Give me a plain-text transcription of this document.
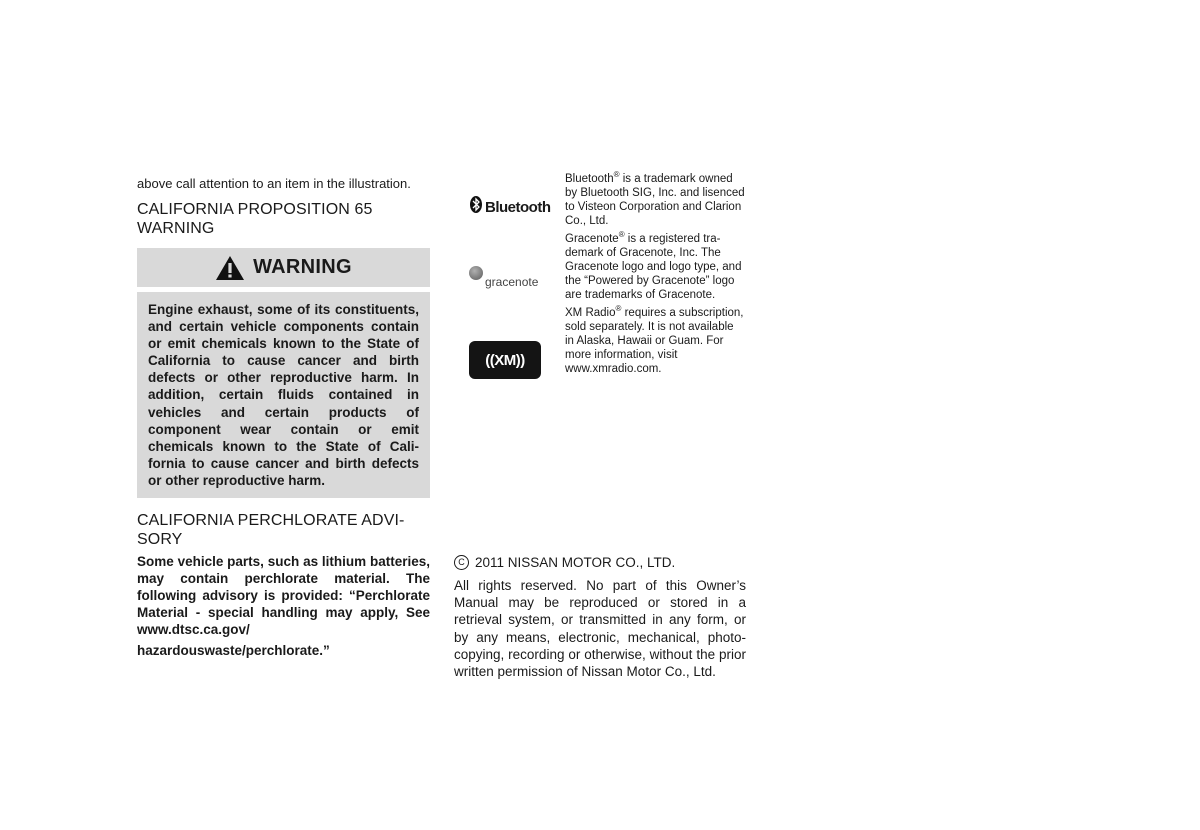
above call attention to an item in the illustration.

CALIFORNIA PROPOSITION 65
WARNING
WARNING

Engine exhaust, some of its constituents, and certain vehicle components contain or emit chemicals known to the State of California to cause cancer and birth defects or other reproductive harm. In addition, certain fluids contained in vehicles and certain products of component wear contain or emit chemicals known to the State of California to cause cancer and birth defects or other reproductive harm.

CALIFORNIA PERCHLORATE ADVI-
SORY

Some vehicle parts, such as lithium batteries, may contain perchlorate material. The following advisory is provided: “Perchlorate Material - special handling may apply, See www.dtsc.ca.gov/

hazardouswaste/perchlorate.”

Bluetooth
gracenote
((XM))

Bluetooth® is a trademark owned by Bluetooth SIG, Inc. and lisenced to Visteon Corporation and Clarion Co., Ltd.

Gracenote® is a registered trademark of Gracenote, Inc. The Gracenote logo and logo type, and the “Powered by Gracenote” logo are trademarks of Gracenote.

XM Radio® requires a subscription, sold separately. It is not available in Alaska, Hawaii or Guam. For more information, visit www.xmradio.com.

C 2011 NISSAN MOTOR CO., LTD.

All rights reserved. No part of this Owner’s Manual may be reproduced or stored in a retrieval system, or transmitted in any form, or by any means, electronic, mechanical, photocopying, recording or otherwise, without the prior written permission of Nissan Motor Co., Ltd.
